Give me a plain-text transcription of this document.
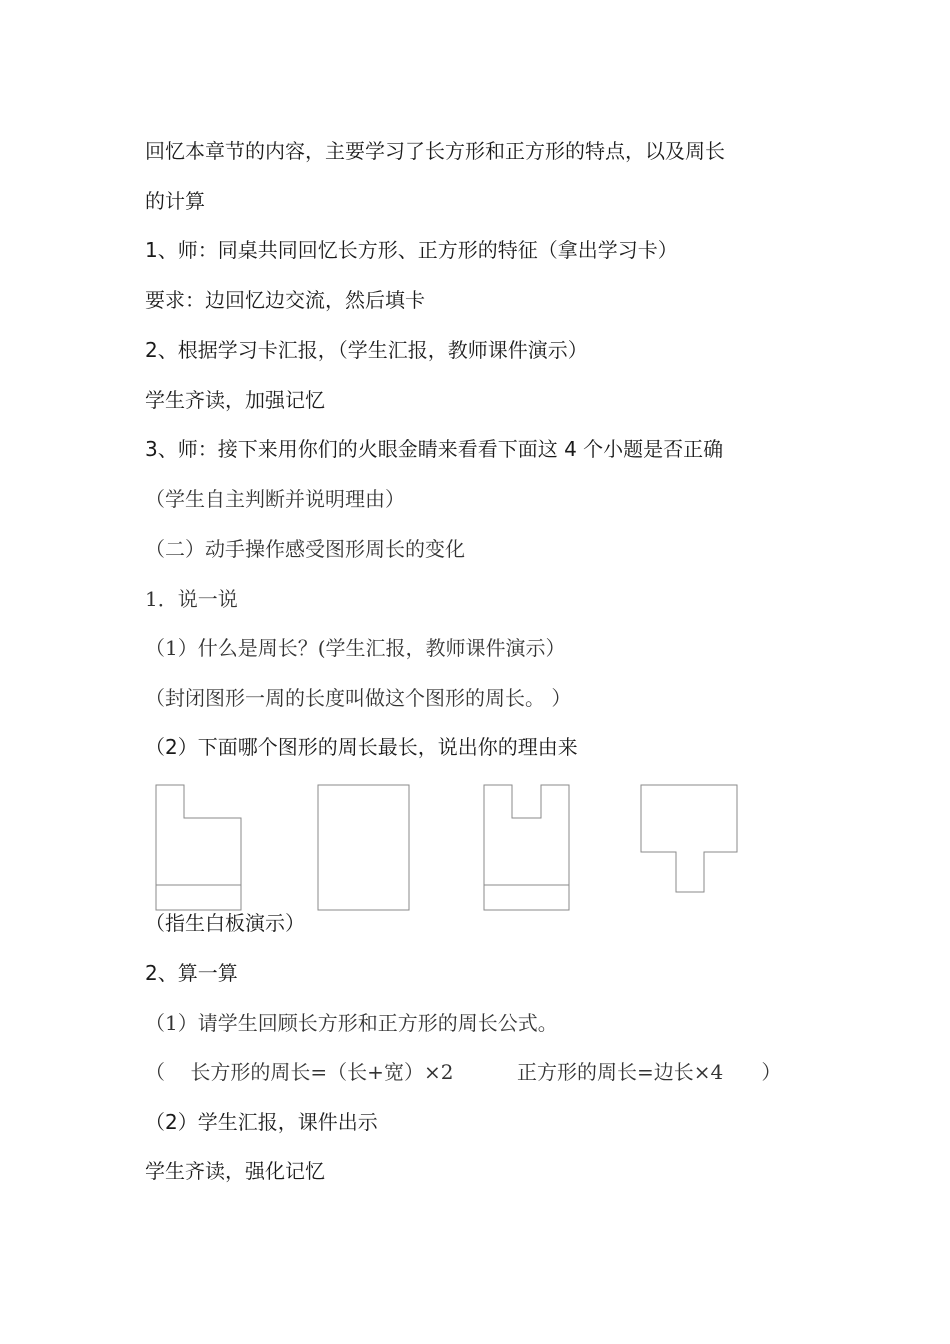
回忆本章节的内容，主要学习了长方形和正方形的特点，以及周长
的计算
1、师：同桌共同回忆长方形、正方形的特征（拿出学习卡）
要求：边回忆边交流，然后填卡
2、根据学习卡汇报，（学生汇报，教师课件演示）
学生齐读，加强记忆
3、师：接下来用你们的火眼金睛来看看下面这 4 个小题是否正确
（学生自主判断并说明理由）
（二）动手操作感受图形周长的变化
1．说一说
（1）什么是周长？(学生汇报，教师课件演示）
（封闭图形一周的长度叫做这个图形的周长。 ）
（2）下面哪个图形的周长最长，说出你的理由来
（指生白板演示）
2、算一算
（1）请学生回顾长方形和正方形的周长公式。
（    长方形的周长=（长+宽）×2          正方形的周长=边长×4      ）
（2）学生汇报，课件出示
学生齐读，强化记忆
